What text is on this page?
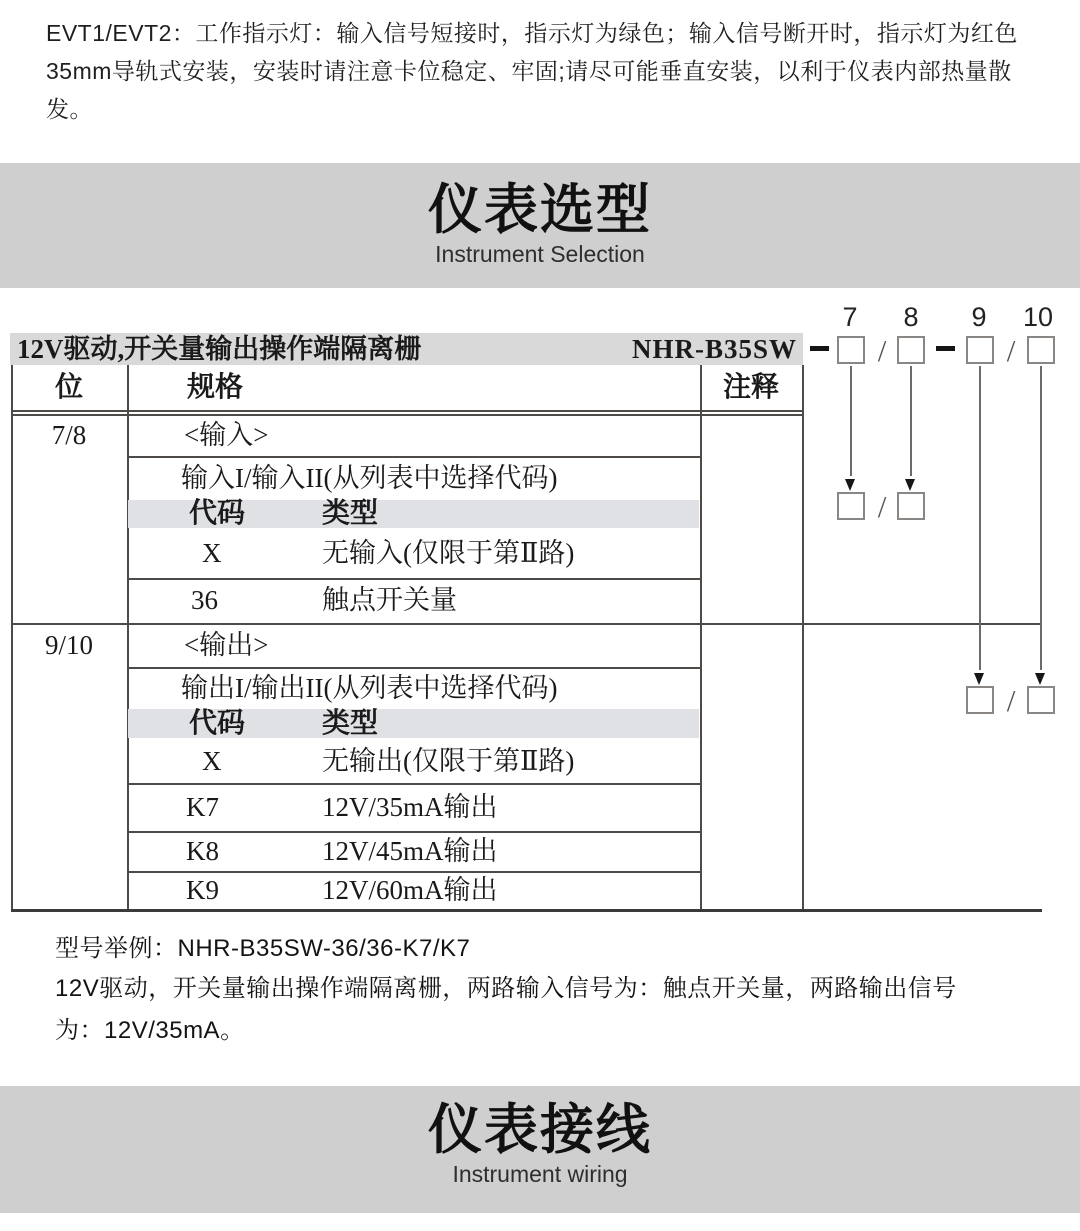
EVT1/EVT2：工作指示灯：输入信号短接时，指示灯为绿色；输入信号断开时，指示灯为红色
35mm导轨式安装，安装时请注意卡位稳定、牢固;请尽可能垂直安装，以利于仪表内部热量散发。
仪表选型
Instrument Selection
12V驱动,开关量输出操作端隔离栅	NHR-B35SW
位	规格	注释
7/8	<输入>
输入I/输入II(从列表中选择代码)
代码	类型
X	无输入(仅限于第Ⅱ路)
36	触点开关量
9/10	<输出>
输出I/输出II(从列表中选择代码)
代码	类型
X	无输出(仅限于第Ⅱ路)
K7	12V/35mA输出
K8	12V/45mA输出
K9	12V/60mA输出
7	8	9	10
/	/
/
/
型号举例：NHR-B35SW-36/36-K7/K7
12V驱动，开关量输出操作端隔离栅，两路输入信号为：触点开关量，两路输出信号
为：12V/35mA。
仪表接线
Instrument wiring
